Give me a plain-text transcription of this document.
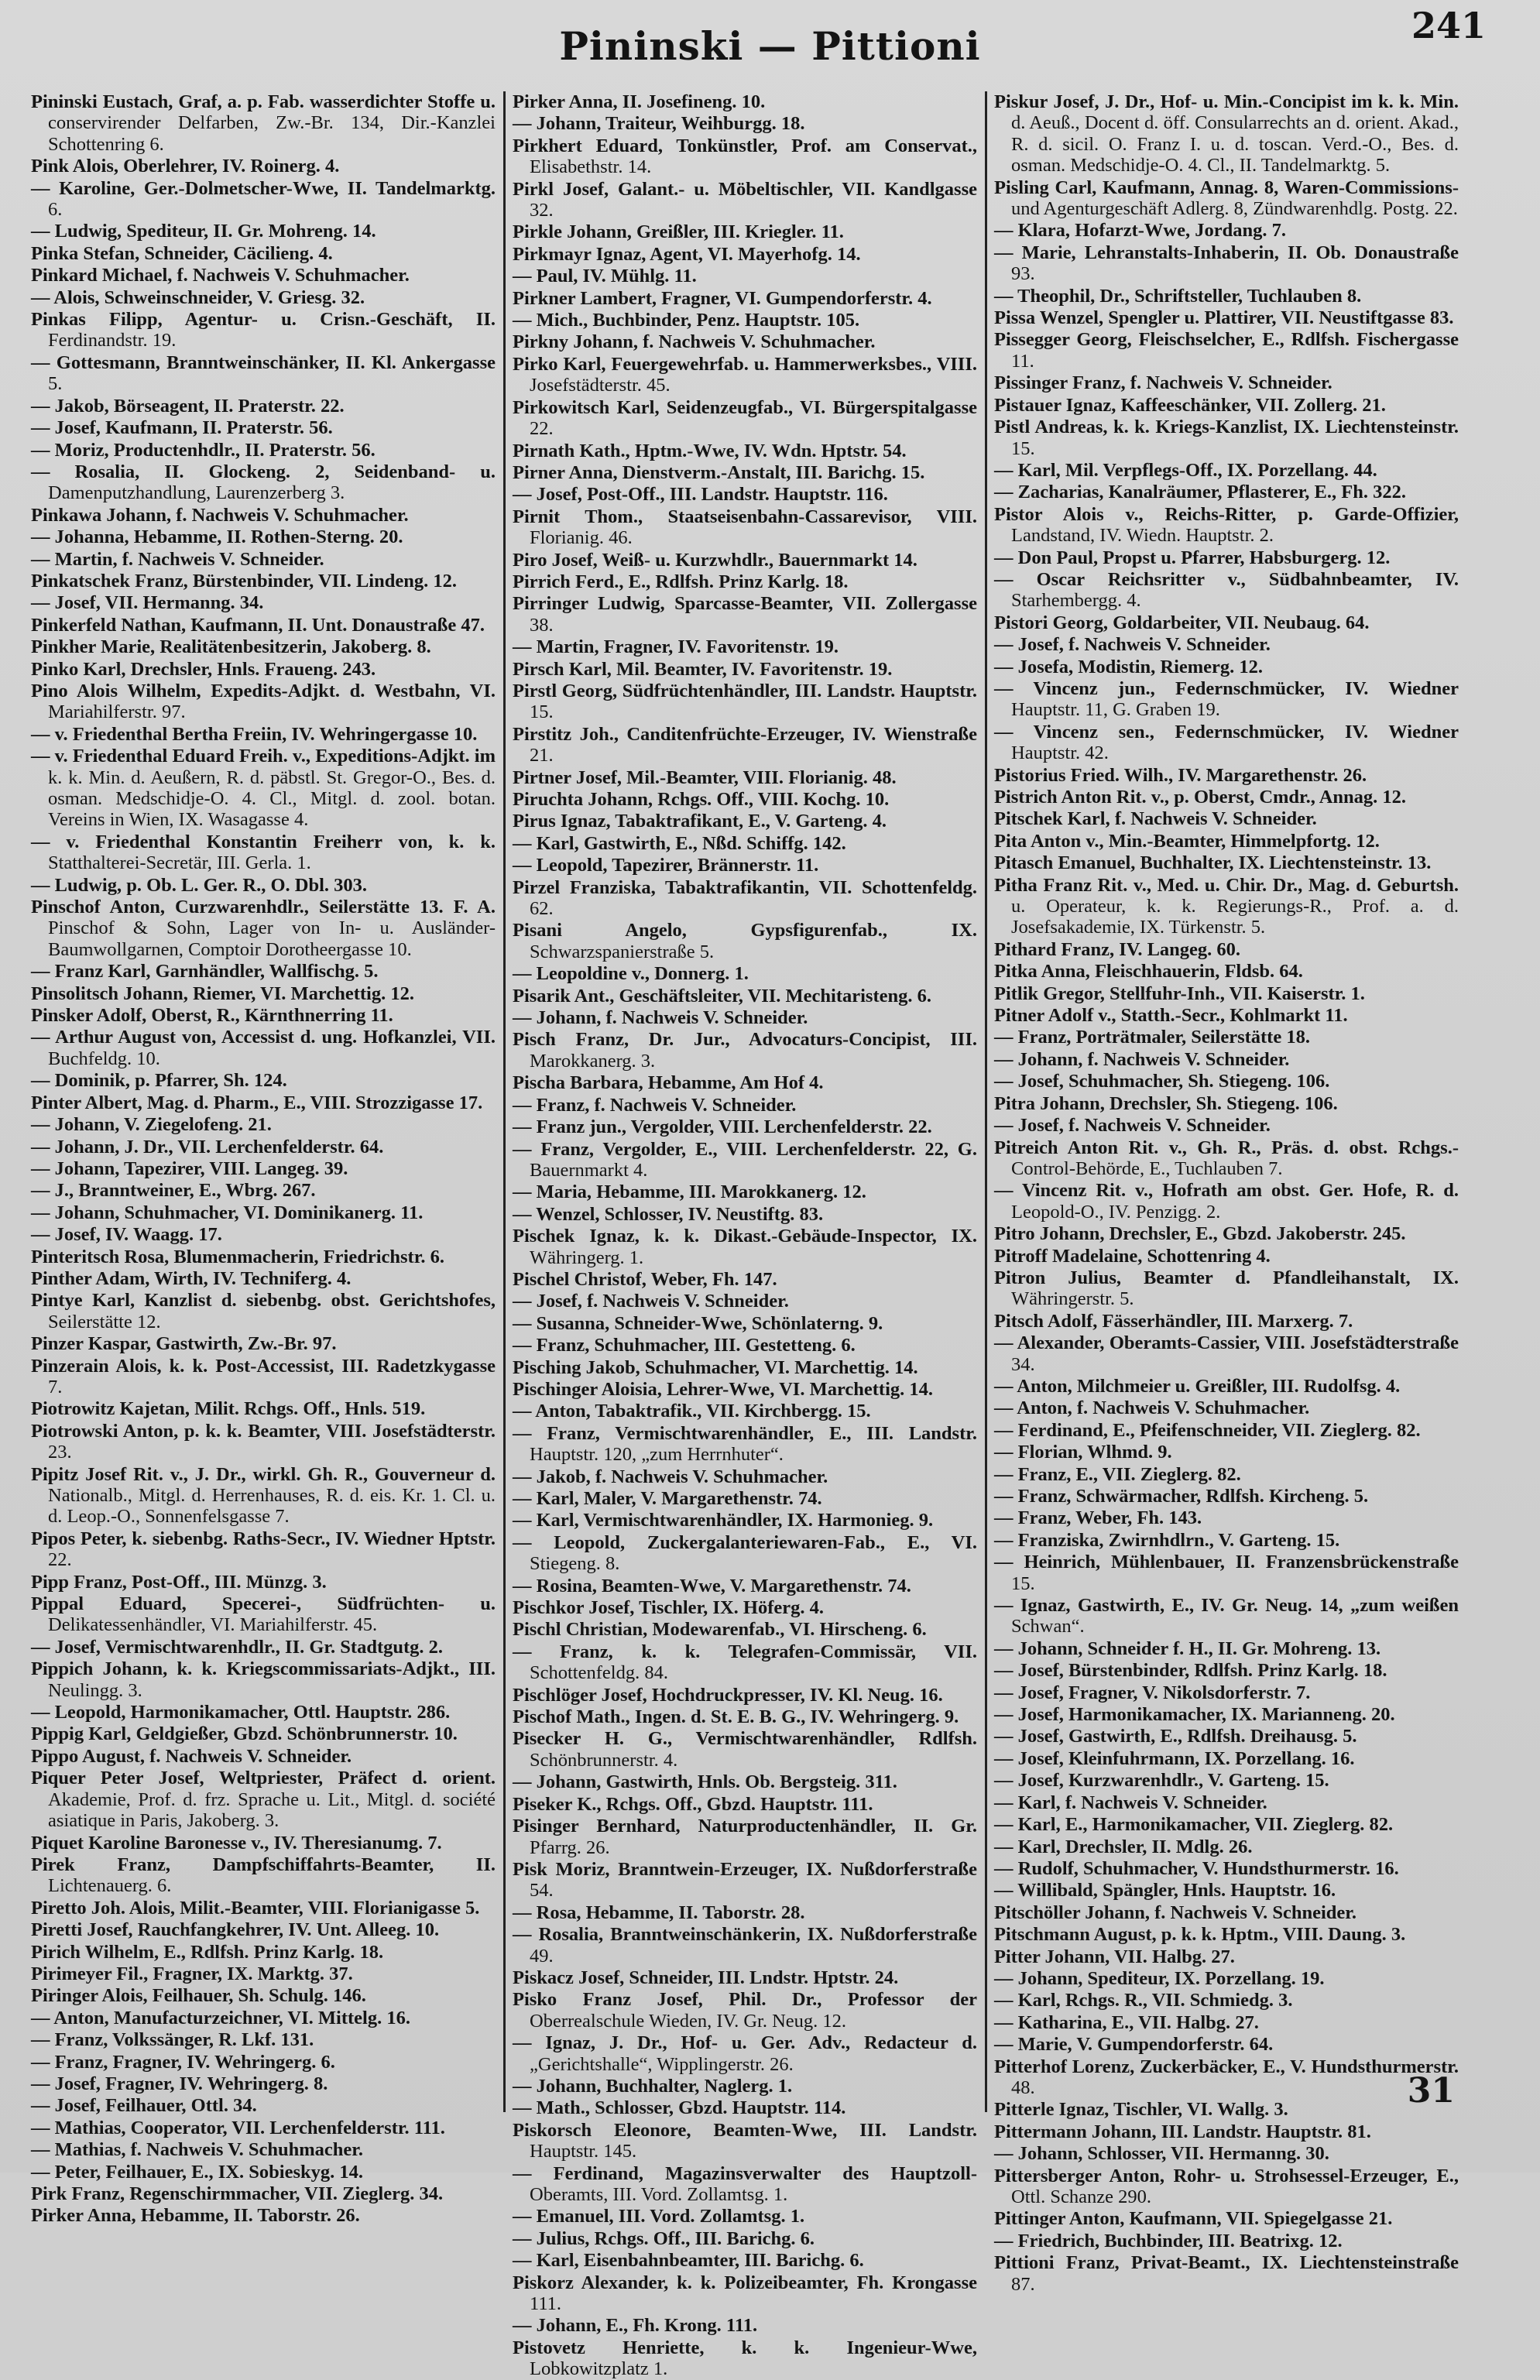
Pininski — Pittioni	241
Pininski Eustach, Graf, a. p. Fab. wasserdichter Stoffe u. conservirender Delfarben, Zw.-Br. 134, Dir.-Kanzlei Schottenring 6.
Pink Alois, Oberlehrer, IV. Roinerg. 4.
— Karoline, Ger.-Dolmetscher-Wwe, II. Tandelmarktg. 6.
— Ludwig, Spediteur, II. Gr. Mohreng. 14.
Pinka Stefan, Schneider, Cäcilieng. 4.
Pinkard Michael, f. Nachweis V. Schuhmacher.
— Alois, Schweinschneider, V. Griesg. 32.
Pinkas Filipp, Agentur- u. Crisn.-Geschäft, II. Ferdinandstr. 19.
— Gottesmann, Branntweinschänker, II. Kl. Ankergasse 5.
— Jakob, Börseagent, II. Praterstr. 22.
— Josef, Kaufmann, II. Praterstr. 56.
— Moriz, Productenhdlr., II. Praterstr. 56.
— Rosalia, II. Glockeng. 2, Seidenband- u. Damenputzhandlung, Laurenzerberg 3.
Pinkawa Johann, f. Nachweis V. Schuhmacher.
— Johanna, Hebamme, II. Rothen-Sterng. 20.
— Martin, f. Nachweis V. Schneider.
Pinkatschek Franz, Bürstenbinder, VII. Lindeng. 12.
— Josef, VII. Hermanng. 34.
Pinkerfeld Nathan, Kaufmann, II. Unt. Donaustraße 47.
Pinkher Marie, Realitätenbesitzerin, Jakoberg. 8.
Pinko Karl, Drechsler, Hnls. Fraueng. 243.
Pino Alois Wilhelm, Expedits-Adjkt. d. Westbahn, VI. Mariahilferstr. 97.
— v. Friedenthal Bertha Freiin, IV. Wehringergasse 10.
— v. Friedenthal Eduard Freih. v., Expeditions-Adjkt. im k. k. Min. d. Aeußern, R. d. päbstl. St. Gregor-O., Bes. d. osman. Medschidje-O. 4. Cl., Mitgl. d. zool. botan. Vereins in Wien, IX. Wasagasse 4.
— v. Friedenthal Konstantin Freiherr von, k. k. Statthalterei-Secretär, III. Gerla. 1.
— Ludwig, p. Ob. L. Ger. R., O. Dbl. 303.
Pinschof Anton, Curzwarenhdlr., Seilerstätte 13. F. A. Pinschof & Sohn, Lager von In- u. Ausländer-Baumwollgarnen, Comptoir Dorotheergasse 10.
— Franz Karl, Garnhändler, Wallfischg. 5.
Pinsolitsch Johann, Riemer, VI. Marchettig. 12.
Pinsker Adolf, Oberst, R., Kärnthnerring 11.
— Arthur August von, Accessist d. ung. Hofkanzlei, VII. Buchfeldg. 10.
— Dominik, p. Pfarrer, Sh. 124.
Pinter Albert, Mag. d. Pharm., E., VIII. Strozzigasse 17.
— Johann, V. Ziegelofeng. 21.
— Johann, J. Dr., VII. Lerchenfelderstr. 64.
— Johann, Tapezirer, VIII. Langeg. 39.
— J., Branntweiner, E., Wbrg. 267.
— Johann, Schuhmacher, VI. Dominikanerg. 11.
— Josef, IV. Waagg. 17.
Pinteritsch Rosa, Blumenmacherin, Friedrichstr. 6.
Pinther Adam, Wirth, IV. Techniferg. 4.
Pintye Karl, Kanzlist d. siebenbg. obst. Gerichtshofes, Seilerstätte 12.
Pinzer Kaspar, Gastwirth, Zw.-Br. 97.
Pinzerain Alois, k. k. Post-Accessist, III. Radetzkygasse 7.
Piotrowitz Kajetan, Milit. Rchgs. Off., Hnls. 519.
Piotrowski Anton, p. k. k. Beamter, VIII. Josefstädterstr. 23.
Pipitz Josef Rit. v., J. Dr., wirkl. Gh. R., Gouverneur d. Nationalb., Mitgl. d. Herrenhauses, R. d. eis. Kr. 1. Cl. u. d. Leop.-O., Sonnenfelsgasse 7.
Pipos Peter, k. siebenbg. Raths-Secr., IV. Wiedner Hptstr. 22.
Pipp Franz, Post-Off., III. Münzg. 3.
Pippal Eduard, Specerei-, Südfrüchten- u. Delikatessenhändler, VI. Mariahilferstr. 45.
— Josef, Vermischtwarenhdlr., II. Gr. Stadtgutg. 2.
Pippich Johann, k. k. Kriegscommissariats-Adjkt., III. Neulingg. 3.
— Leopold, Harmonikamacher, Ottl. Hauptstr. 286.
Pippig Karl, Geldgießer, Gbzd. Schönbrunnerstr. 10.
Pippo August, f. Nachweis V. Schneider.
Piquer Peter Josef, Weltpriester, Präfect d. orient. Akademie, Prof. d. frz. Sprache u. Lit., Mitgl. d. société asiatique in Paris, Jakoberg. 3.
Piquet Karoline Baronesse v., IV. Theresianumg. 7.
Pirek Franz, Dampfschiffahrts-Beamter, II. Lichtenauerg. 6.
Piretto Joh. Alois, Milit.-Beamter, VIII. Florianigasse 5.
Piretti Josef, Rauchfangkehrer, IV. Unt. Alleeg. 10.
Pirich Wilhelm, E., Rdlfsh. Prinz Karlg. 18.
Pirimeyer Fil., Fragner, IX. Marktg. 37.
Piringer Alois, Feilhauer, Sh. Schulg. 146.
— Anton, Manufacturzeichner, VI. Mittelg. 16.
— Franz, Volkssänger, R. Lkf. 131.
— Franz, Fragner, IV. Wehringerg. 6.
— Josef, Fragner, IV. Wehringerg. 8.
— Josef, Feilhauer, Ottl. 34.
— Mathias, Cooperator, VII. Lerchenfelderstr. 111.
— Mathias, f. Nachweis V. Schuhmacher.
— Peter, Feilhauer, E., IX. Sobieskyg. 14.
Pirk Franz, Regenschirmmacher, VII. Zieglerg. 34.
Pirker Anna, Hebamme, II. Taborstr. 26.
Pirker Anna, II. Josefineng. 10.
— Johann, Traiteur, Weihburgg. 18.
Pirkhert Eduard, Tonkünstler, Prof. am Conservat., Elisabethstr. 14.
Pirkl Josef, Galant.- u. Möbeltischler, VII. Kandlgasse 32.
Pirkle Johann, Greißler, III. Kriegler. 11.
Pirkmayr Ignaz, Agent, VI. Mayerhofg. 14.
— Paul, IV. Mühlg. 11.
Pirkner Lambert, Fragner, VI. Gumpendorferstr. 4.
— Mich., Buchbinder, Penz. Hauptstr. 105.
Pirkny Johann, f. Nachweis V. Schuhmacher.
Pirko Karl, Feuergewehrfab. u. Hammerwerksbes., VIII. Josefstädterstr. 45.
Pirkowitsch Karl, Seidenzeugfab., VI. Bürgerspitalgasse 22.
Pirnath Kath., Hptm.-Wwe, IV. Wdn. Hptstr. 54.
Pirner Anna, Dienstverm.-Anstalt, III. Barichg. 15.
— Josef, Post-Off., III. Landstr. Hauptstr. 116.
Pirnit Thom., Staatseisenbahn-Cassarevisor, VIII. Florianig. 46.
Piro Josef, Weiß- u. Kurzwhdlr., Bauernmarkt 14.
Pirrich Ferd., E., Rdlfsh. Prinz Karlg. 18.
Pirringer Ludwig, Sparcasse-Beamter, VII. Zollergasse 38.
— Martin, Fragner, IV. Favoritenstr. 19.
Pirsch Karl, Mil. Beamter, IV. Favoritenstr. 19.
Pirstl Georg, Südfrüchtenhändler, III. Landstr. Hauptstr. 15.
Pirstitz Joh., Canditenfrüchte-Erzeuger, IV. Wienstraße 21.
Pirtner Josef, Mil.-Beamter, VIII. Florianig. 48.
Piruchta Johann, Rchgs. Off., VIII. Kochg. 10.
Pirus Ignaz, Tabaktrafikant, E., V. Garteng. 4.
— Karl, Gastwirth, E., Nßd. Schiffg. 142.
— Leopold, Tapezirer, Brännerstr. 11.
Pirzel Franziska, Tabaktrafikantin, VII. Schottenfeldg. 62.
Pisani Angelo, Gypsfigurenfab., IX. Schwarzspanierstraße 5.
— Leopoldine v., Donnerg. 1.
Pisarik Ant., Geschäftsleiter, VII. Mechitaristeng. 6.
— Johann, f. Nachweis V. Schneider.
Pisch Franz, Dr. Jur., Advocaturs-Concipist, III. Marokkanerg. 3.
Pischa Barbara, Hebamme, Am Hof 4.
— Franz, f. Nachweis V. Schneider.
— Franz jun., Vergolder, VIII. Lerchenfelderstr. 22.
— Franz, Vergolder, E., VIII. Lerchenfelderstr. 22, G. Bauernmarkt 4.
— Maria, Hebamme, III. Marokkanerg. 12.
— Wenzel, Schlosser, IV. Neustiftg. 83.
Pischek Ignaz, k. k. Dikast.-Gebäude-Inspector, IX. Währingerg. 1.
Pischel Christof, Weber, Fh. 147.
— Josef, f. Nachweis V. Schneider.
— Susanna, Schneider-Wwe, Schönlaterng. 9.
— Franz, Schuhmacher, III. Gestetteng. 6.
Pisching Jakob, Schuhmacher, VI. Marchettig. 14.
Pischinger Aloisia, Lehrer-Wwe, VI. Marchettig. 14.
— Anton, Tabaktrafik., VII. Kirchbergg. 15.
— Franz, Vermischtwarenhändler, E., III. Landstr. Hauptstr. 120, „zum Herrnhuter“.
— Jakob, f. Nachweis V. Schuhmacher.
— Karl, Maler, V. Margarethenstr. 74.
— Karl, Vermischtwarenhändler, IX. Harmonieg. 9.
— Leopold, Zuckergalanteriewaren-Fab., E., VI. Stiegeng. 8.
— Rosina, Beamten-Wwe, V. Margarethenstr. 74.
Pischkor Josef, Tischler, IX. Höferg. 4.
Pischl Christian, Modewarenfab., VI. Hirscheng. 6.
— Franz, k. k. Telegrafen-Commissär, VII. Schottenfeldg. 84.
Pischlöger Josef, Hochdruckpresser, IV. Kl. Neug. 16.
Pischof Math., Ingen. d. St. E. B. G., IV. Wehringerg. 9.
Pisecker H. G., Vermischtwarenhändler, Rdlfsh. Schönbrunnerstr. 4.
— Johann, Gastwirth, Hnls. Ob. Bergsteig. 311.
Piseker K., Rchgs. Off., Gbzd. Hauptstr. 111.
Pisinger Bernhard, Naturproductenhändler, II. Gr. Pfarrg. 26.
Pisk Moriz, Branntwein-Erzeuger, IX. Nußdorferstraße 54.
— Rosa, Hebamme, II. Taborstr. 28.
— Rosalia, Branntweinschänkerin, IX. Nußdorferstraße 49.
Piskacz Josef, Schneider, III. Lndstr. Hptstr. 24.
Pisko Franz Josef, Phil. Dr., Professor der Oberrealschule Wieden, IV. Gr. Neug. 12.
— Ignaz, J. Dr., Hof- u. Ger. Adv., Redacteur d. „Gerichtshalle“, Wipplingerstr. 26.
— Johann, Buchhalter, Naglerg. 1.
— Math., Schlosser, Gbzd. Hauptstr. 114.
Piskorsch Eleonore, Beamten-Wwe, III. Landstr. Hauptstr. 145.
— Ferdinand, Magazinsverwalter des Hauptzoll-Oberamts, III. Vord. Zollamtsg. 1.
— Emanuel, III. Vord. Zollamtsg. 1.
— Julius, Rchgs. Off., III. Barichg. 6.
— Karl, Eisenbahnbeamter, III. Barichg. 6.
Piskorz Alexander, k. k. Polizeibeamter, Fh. Krongasse 111.
— Johann, E., Fh. Krong. 111.
Pistovetz Henriette, k. k. Ingenieur-Wwe, Lobkowitzplatz 1.
Piskur Josef, J. Dr., Hof- u. Min.-Concipist im k. k. Min. d. Aeuß., Docent d. öff. Consularrechts an d. orient. Akad., R. d. sicil. O. Franz I. u. d. toscan. Verd.-O., Bes. d. osman. Medschidje-O. 4. Cl., II. Tandelmarktg. 5.
Pisling Carl, Kaufmann, Annag. 8, Waren-Commissions- und Agenturgeschäft Adlerg. 8, Zündwarenhdlg. Postg. 22.
— Klara, Hofarzt-Wwe, Jordang. 7.
— Marie, Lehranstalts-Inhaberin, II. Ob. Donaustraße 93.
— Theophil, Dr., Schriftsteller, Tuchlauben 8.
Pissa Wenzel, Spengler u. Plattirer, VII. Neustiftgasse 83.
Pissegger Georg, Fleischselcher, E., Rdlfsh. Fischergasse 11.
Pissinger Franz, f. Nachweis V. Schneider.
Pistauer Ignaz, Kaffeeschänker, VII. Zollerg. 21.
Pistl Andreas, k. k. Kriegs-Kanzlist, IX. Liechtensteinstr. 15.
— Karl, Mil. Verpflegs-Off., IX. Porzellang. 44.
— Zacharias, Kanalräumer, Pflasterer, E., Fh. 322.
Pistor Alois v., Reichs-Ritter, p. Garde-Offizier, Landstand, IV. Wiedn. Hauptstr. 2.
— Don Paul, Propst u. Pfarrer, Habsburgerg. 12.
— Oscar Reichsritter v., Südbahnbeamter, IV. Starhembergg. 4.
Pistori Georg, Goldarbeiter, VII. Neubaug. 64.
— Josef, f. Nachweis V. Schneider.
— Josefa, Modistin, Riemerg. 12.
— Vincenz jun., Federnschmücker, IV. Wiedner Hauptstr. 11, G. Graben 19.
— Vincenz sen., Federnschmücker, IV. Wiedner Hauptstr. 42.
Pistorius Fried. Wilh., IV. Margarethenstr. 26.
Pistrich Anton Rit. v., p. Oberst, Cmdr., Annag. 12.
Pitschek Karl, f. Nachweis V. Schneider.
Pita Anton v., Min.-Beamter, Himmelpfortg. 12.
Pitasch Emanuel, Buchhalter, IX. Liechtensteinstr. 13.
Pitha Franz Rit. v., Med. u. Chir. Dr., Mag. d. Geburtsh. u. Operateur, k. k. Regierungs-R., Prof. a. d. Josefsakademie, IX. Türkenstr. 5.
Pithard Franz, IV. Langeg. 60.
Pitka Anna, Fleischhauerin, Fldsb. 64.
Pitlik Gregor, Stellfuhr-Inh., VII. Kaiserstr. 1.
Pitner Adolf v., Statth.-Secr., Kohlmarkt 11.
— Franz, Porträtmaler, Seilerstätte 18.
— Johann, f. Nachweis V. Schneider.
— Josef, Schuhmacher, Sh. Stiegeng. 106.
Pitra Johann, Drechsler, Sh. Stiegeng. 106.
— Josef, f. Nachweis V. Schneider.
Pitreich Anton Rit. v., Gh. R., Präs. d. obst. Rchgs.-Control-Behörde, E., Tuchlauben 7.
— Vincenz Rit. v., Hofrath am obst. Ger. Hofe, R. d. Leopold-O., IV. Penzigg. 2.
Pitro Johann, Drechsler, E., Gbzd. Jakoberstr. 245.
Pitroff Madelaine, Schottenring 4.
Pitron Julius, Beamter d. Pfandleihanstalt, IX. Währingerstr. 5.
Pitsch Adolf, Fässerhändler, III. Marxerg. 7.
— Alexander, Oberamts-Cassier, VIII. Josefstädterstraße 34.
— Anton, Milchmeier u. Greißler, III. Rudolfsg. 4.
— Anton, f. Nachweis V. Schuhmacher.
— Ferdinand, E., Pfeifenschneider, VII. Zieglerg. 82.
— Florian, Wlhmd. 9.
— Franz, E., VII. Zieglerg. 82.
— Franz, Schwärmacher, Rdlfsh. Kircheng. 5.
— Franz, Weber, Fh. 143.
— Franziska, Zwirnhdlrn., V. Garteng. 15.
— Heinrich, Mühlenbauer, II. Franzensbrückenstraße 15.
— Ignaz, Gastwirth, E., IV. Gr. Neug. 14, „zum weißen Schwan“.
— Johann, Schneider f. H., II. Gr. Mohreng. 13.
— Josef, Bürstenbinder, Rdlfsh. Prinz Karlg. 18.
— Josef, Fragner, V. Nikolsdorferstr. 7.
— Josef, Harmonikamacher, IX. Marianneng. 20.
— Josef, Gastwirth, E., Rdlfsh. Dreihausg. 5.
— Josef, Kleinfuhrmann, IX. Porzellang. 16.
— Josef, Kurzwarenhdlr., V. Garteng. 15.
— Karl, f. Nachweis V. Schneider.
— Karl, E., Harmonikamacher, VII. Zieglerg. 82.
— Karl, Drechsler, II. Mdlg. 26.
— Rudolf, Schuhmacher, V. Hundsthurmerstr. 16.
— Willibald, Spängler, Hnls. Hauptstr. 16.
Pitschöller Johann, f. Nachweis V. Schneider.
Pitschmann August, p. k. k. Hptm., VIII. Daung. 3.
Pitter Johann, VII. Halbg. 27.
— Johann, Spediteur, IX. Porzellang. 19.
— Karl, Rchgs. R., VII. Schmiedg. 3.
— Katharina, E., VII. Halbg. 27.
— Marie, V. Gumpendorferstr. 64.
Pitterhof Lorenz, Zuckerbäcker, E., V. Hundsthurmerstr. 48.
Pitterle Ignaz, Tischler, VI. Wallg. 3.
Pittermann Johann, III. Landstr. Hauptstr. 81.
— Johann, Schlosser, VII. Hermanng. 30.
Pittersberger Anton, Rohr- u. Strohsessel-Erzeuger, E., Ottl. Schanze 290.
Pittinger Anton, Kaufmann, VII. Spiegelgasse 21.
— Friedrich, Buchbinder, III. Beatrixg. 12.
Pittioni Franz, Privat-Beamt., IX. Liechtensteinstraße 87.
31
